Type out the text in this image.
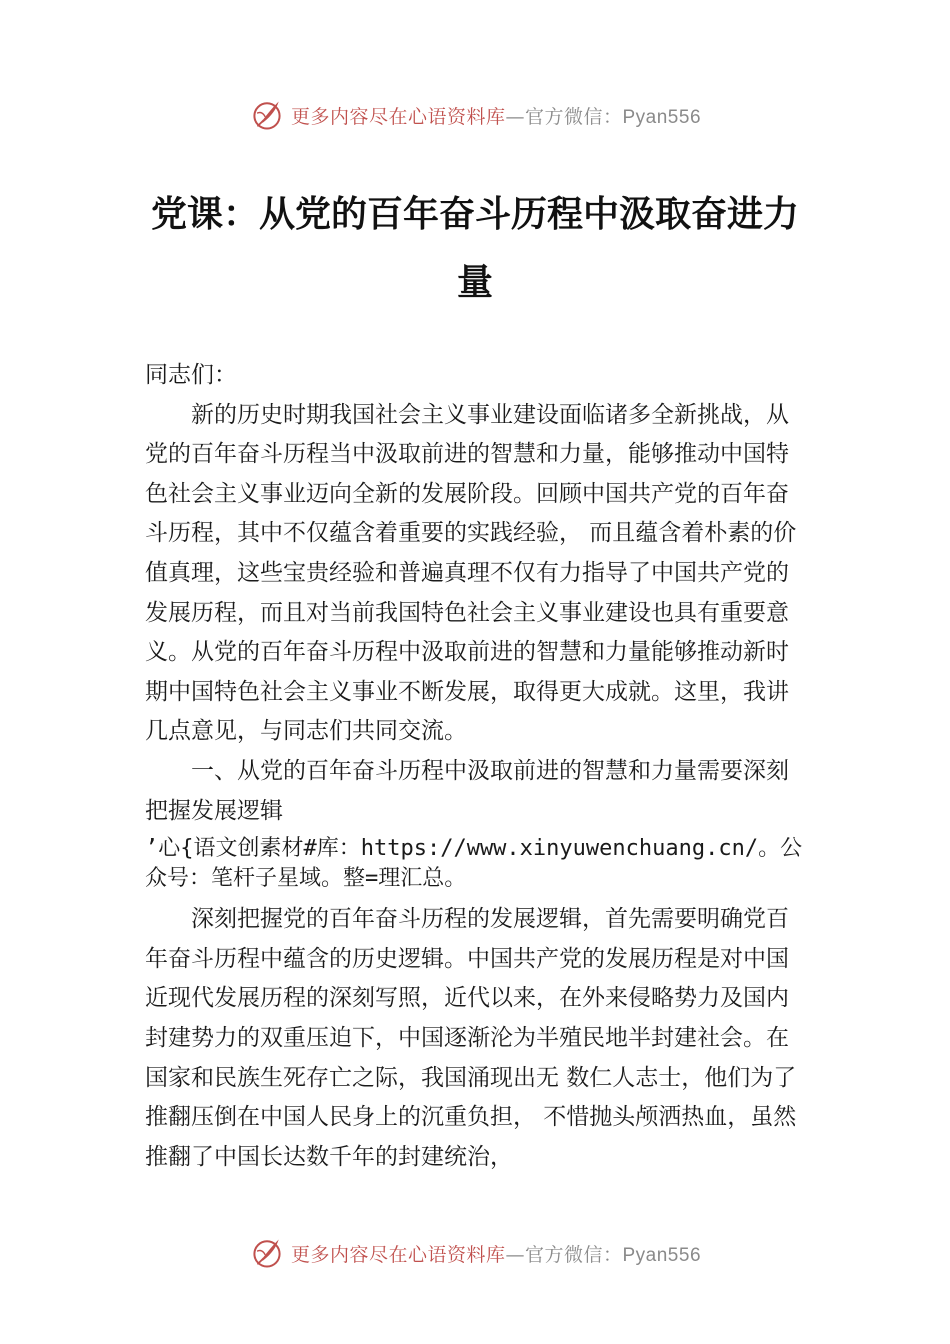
更多内容尽在心语资料库—官方微信：Pyan556
党课：从党的百年奋斗历程中汲取奋进力量

同志们：

新的历史时期我国社会主义事业建设面临诸多全新挑战，从党的百年奋斗历程当中汲取前进的智慧和力量，能够推动中国特色社会主义事业迈向全新的发展阶段。回顾中国共产党的百年奋斗历程，其中不仅蕴含着重要的实践经验， 而且蕴含着朴素的价值真理，这些宝贵经验和普遍真理不仅有力指导了中国共产党的发展历程，而且对当前我国特色社会主义事业建设也具有重要意义。从党的百年奋斗历程中汲取前进的智慧和力量能够推动新时期中国特色社会主义事业不断发展，取得更大成就。这里，我讲几点意见，与同志们共同交流。

一、从党的百年奋斗历程中汲取前进的智慧和力量需要深刻把握发展逻辑

’心{语文创素材#库：https://www.xinyuwenchuang.cn/。公众号：笔杆子星域。整=理汇总。

深刻把握党的百年奋斗历程的发展逻辑，首先需要明确党百年奋斗历程中蕴含的历史逻辑。中国共产党的发展历程是对中国近现代发展历程的深刻写照，近代以来，在外来侵略势力及国内封建势力的双重压迫下，中国逐渐沦为半殖民地半封建社会。在国家和民族生死存亡之际，我国涌现出无 数仁人志士，他们为了推翻压倒在中国人民身上的沉重负担， 不惜抛头颅洒热血，虽然推翻了中国长达数千年的封建统治，

更多内容尽在心语资料库—官方微信：Pyan556
